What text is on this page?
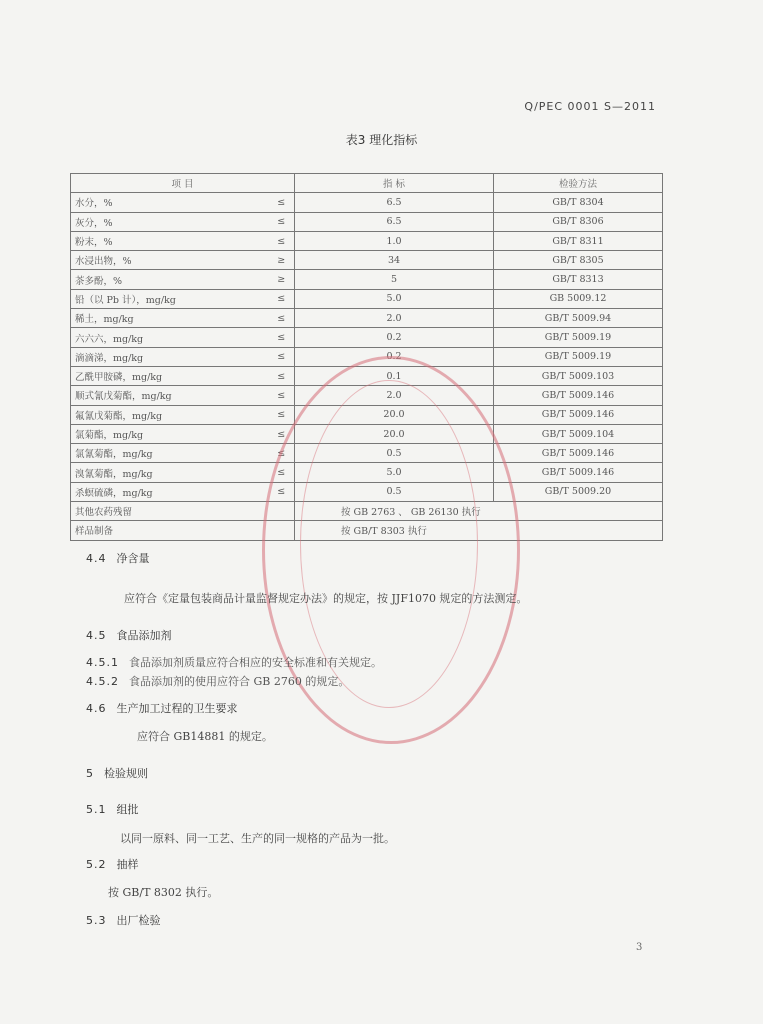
Q/PEC 0001 S—2011
表3 理化指标
项 目		指 标	检验方法
水分，%	≤	6.5	GB/T 8304
灰分，%	≤	6.5	GB/T 8306
粉末，%	≤	1.0	GB/T 8311
水浸出物，%	≥	34	GB/T 8305
茶多酚，%	≥	5	GB/T 8313
铅（以 Pb 计），mg/kg	≤	5.0	GB 5009.12
稀土，mg/kg	≤	2.0	GB/T 5009.94
六六六，mg/kg	≤	0.2	GB/T 5009.19
滴滴涕，mg/kg	≤	0.2	GB/T 5009.19
乙酰甲胺磷，mg/kg	≤	0.1	GB/T 5009.103
顺式氰戊菊酯，mg/kg	≤	2.0	GB/T 5009.146
氟氰戊菊酯，mg/kg	≤	20.0	GB/T 5009.146
氯菊酯，mg/kg	≤	20.0	GB/T 5009.104
氯氰菊酯，mg/kg	≤	0.5	GB/T 5009.146
溴氰菊酯，mg/kg	≤	5.0	GB/T 5009.146
杀螟硫磷，mg/kg	≤	0.5	GB/T 5009.20
其他农药残留		按 GB 2763 、 GB 26130 执行	
样品制备		按 GB/T 8303 执行	
4.4 净含量
应符合《定量包装商品计量监督规定办法》的规定，按 JJF1070 规定的方法测定。
4.5 食品添加剂
4.5.1 食品添加剂质量应符合相应的安全标准和有关规定。
4.5.2 食品添加剂的使用应符合 GB 2760 的规定。
4.6 生产加工过程的卫生要求
应符合 GB14881 的规定。
5 检验规则
5.1 组批
以同一原料、同一工艺、生产的同一规格的产品为一批。
5.2 抽样
按 GB/T 8302 执行。
5.3 出厂检验
3
